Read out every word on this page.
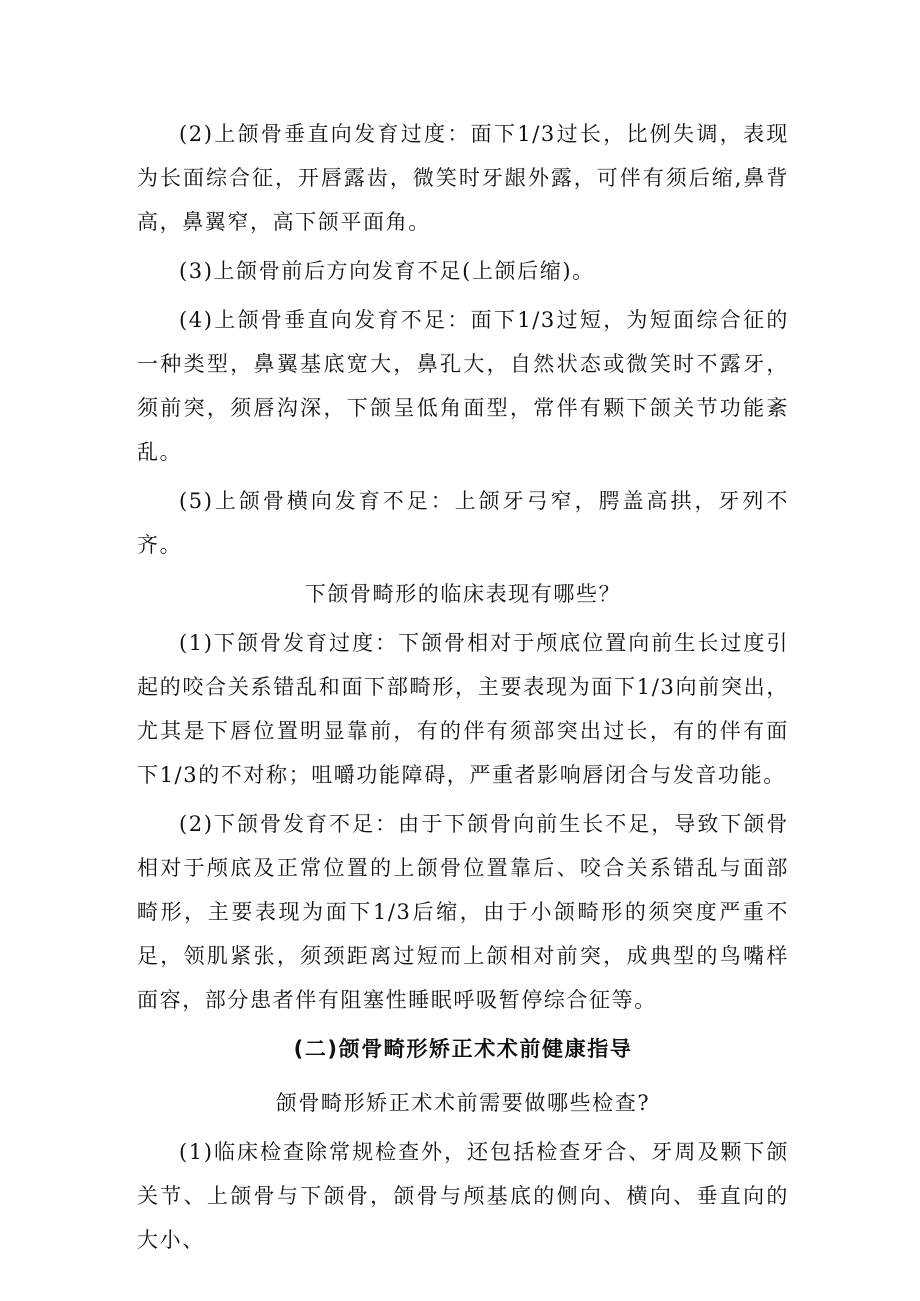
(2)上颌骨垂直向发育过度：面下1/3过长，比例失调，表现为长面综合征，开唇露齿，微笑时牙龈外露，可伴有须后缩,鼻背高，鼻翼窄，高下颌平面角。

(3)上颌骨前后方向发育不足(上颌后缩)。

(4)上颌骨垂直向发育不足：面下1/3过短，为短面综合征的一种类型，鼻翼基底宽大，鼻孔大，自然状态或微笑时不露牙，须前突，须唇沟深，下颌呈低角面型，常伴有颗下颌关节功能紊乱。

(5)上颌骨横向发育不足：上颌牙弓窄，腭盖高拱，牙列不齐。

下颌骨畸形的临床表现有哪些？

(1)下颌骨发育过度：下颌骨相对于颅底位置向前生长过度引起的咬合关系错乱和面下部畸形，主要表现为面下1/3向前突出，尤其是下唇位置明显靠前，有的伴有须部突出过长，有的伴有面下1/3的不对称；咀嚼功能障碍，严重者影响唇闭合与发音功能。

(2)下颌骨发育不足：由于下颌骨向前生长不足，导致下颌骨相对于颅底及正常位置的上颌骨位置靠后、咬合关系错乱与面部畸形，主要表现为面下1/3后缩，由于小颌畸形的须突度严重不足，领肌紧张，须颈距离过短而上颌相对前突，成典型的鸟嘴样面容，部分患者伴有阻塞性睡眠呼吸暂停综合征等。

(二)颌骨畸形矫正术术前健康指导

颌骨畸形矫正术术前需要做哪些检查?

(1)临床检查除常规检查外，还包括检查牙合、牙周及颗下颌关节、上颌骨与下颌骨，颌骨与颅基底的侧向、横向、垂直向的大小、
